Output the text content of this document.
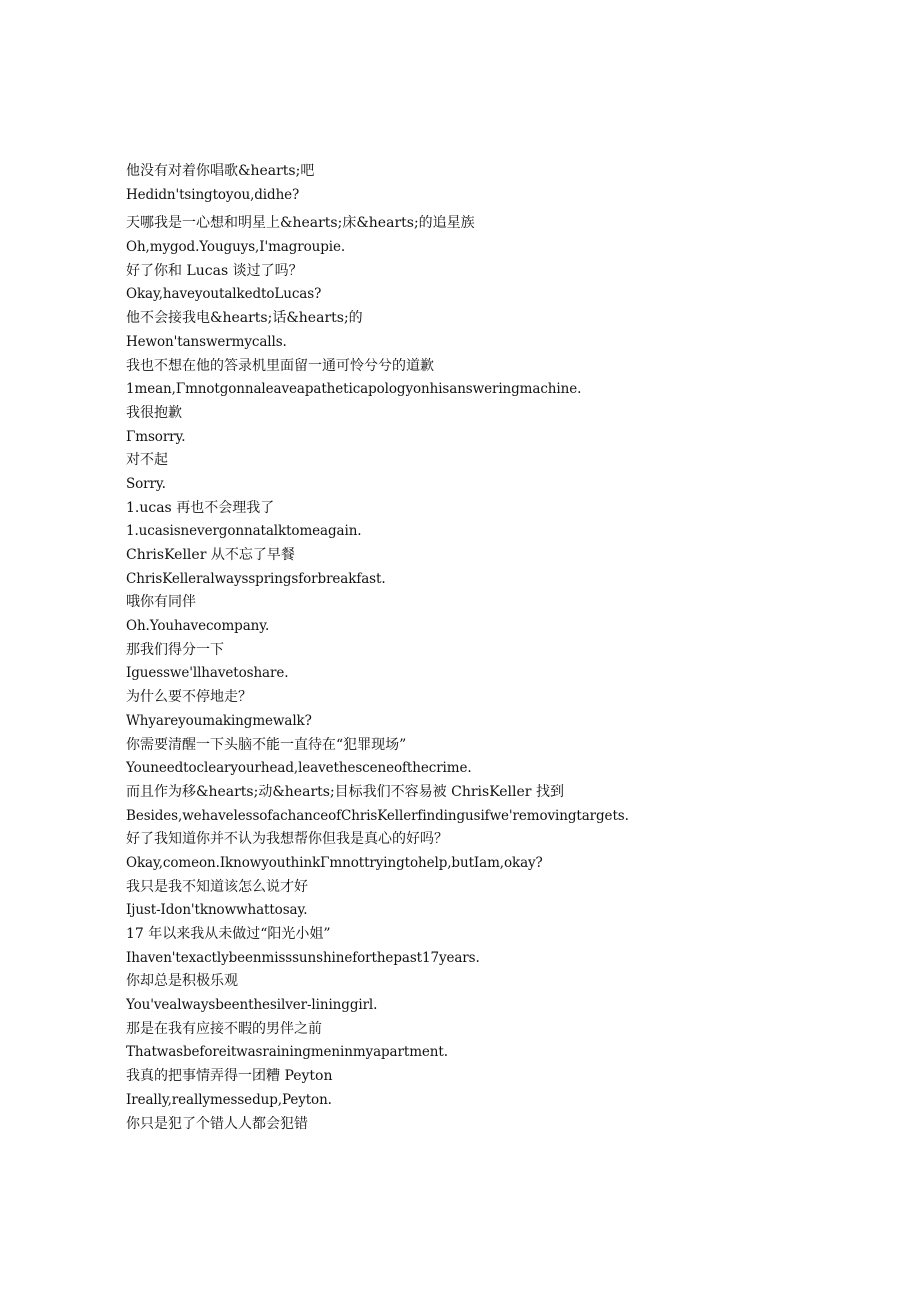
他没有对着你唱歌&hearts;吧
Hedidn'tsingtoyou,didhe?
天哪我是一心想和明星上&hearts;床&hearts;的追星族
Oh,mygod.Youguys,I'magroupie.
好了你和 Lucas 谈过了吗？
Okay,haveyoutalkedtoLucas?
他不会接我电&hearts;话&hearts;的
Hewon'tanswermycalls.
我也不想在他的答录机里面留一通可怜兮兮的道歉
1mean,Γmnotgonnaleaveapatheticapologyonhisansweringmachine.
我很抱歉
Γmsorry.
对不起
Sorry.
1.ucas 再也不会理我了
1.ucasisnevergonnatalktomeagain.
ChrisKeller 从不忘了早餐
ChrisKelleralwaysspringsforbreakfast.
哦你有同伴
Oh.Youhavecompany.
那我们得分一下
Iguesswe'llhavetoshare.
为什么要不停地走？
Whyareyoumakingmewalk?
你需要清醒一下头脑不能一直待在“犯罪现场”
Youneedtoclearyourhead,leavethesceneofthecrime.
而且作为移&hearts;动&hearts;目标我们不容易被 ChrisKeller 找到
Besides,wehavelessofachanceofChrisKellerfindingusifwe'removingtargets.
好了我知道你并不认为我想帮你但我是真心的好吗？
Okay,comeon.IknowyouthinkΓmnottryingtohelp,butIam,okay?
我只是我不知道该怎么说才好
Ijust-Idon'tknowwhattosay.
17 年以来我从未做过“阳光小姐”
Ihaven'texactlybeenmisssunshineforthepast17years.
你却总是积极乐观
You'vealwaysbeenthesilver-lininggirl.
那是在我有应接不暇的男伴之前
Thatwasbeforeitwasrainingmeninmyapartment.
我真的把事情弄得一团糟 Peyton
Ireally,reallymessedup,Peyton.
你只是犯了个错人人都会犯错
